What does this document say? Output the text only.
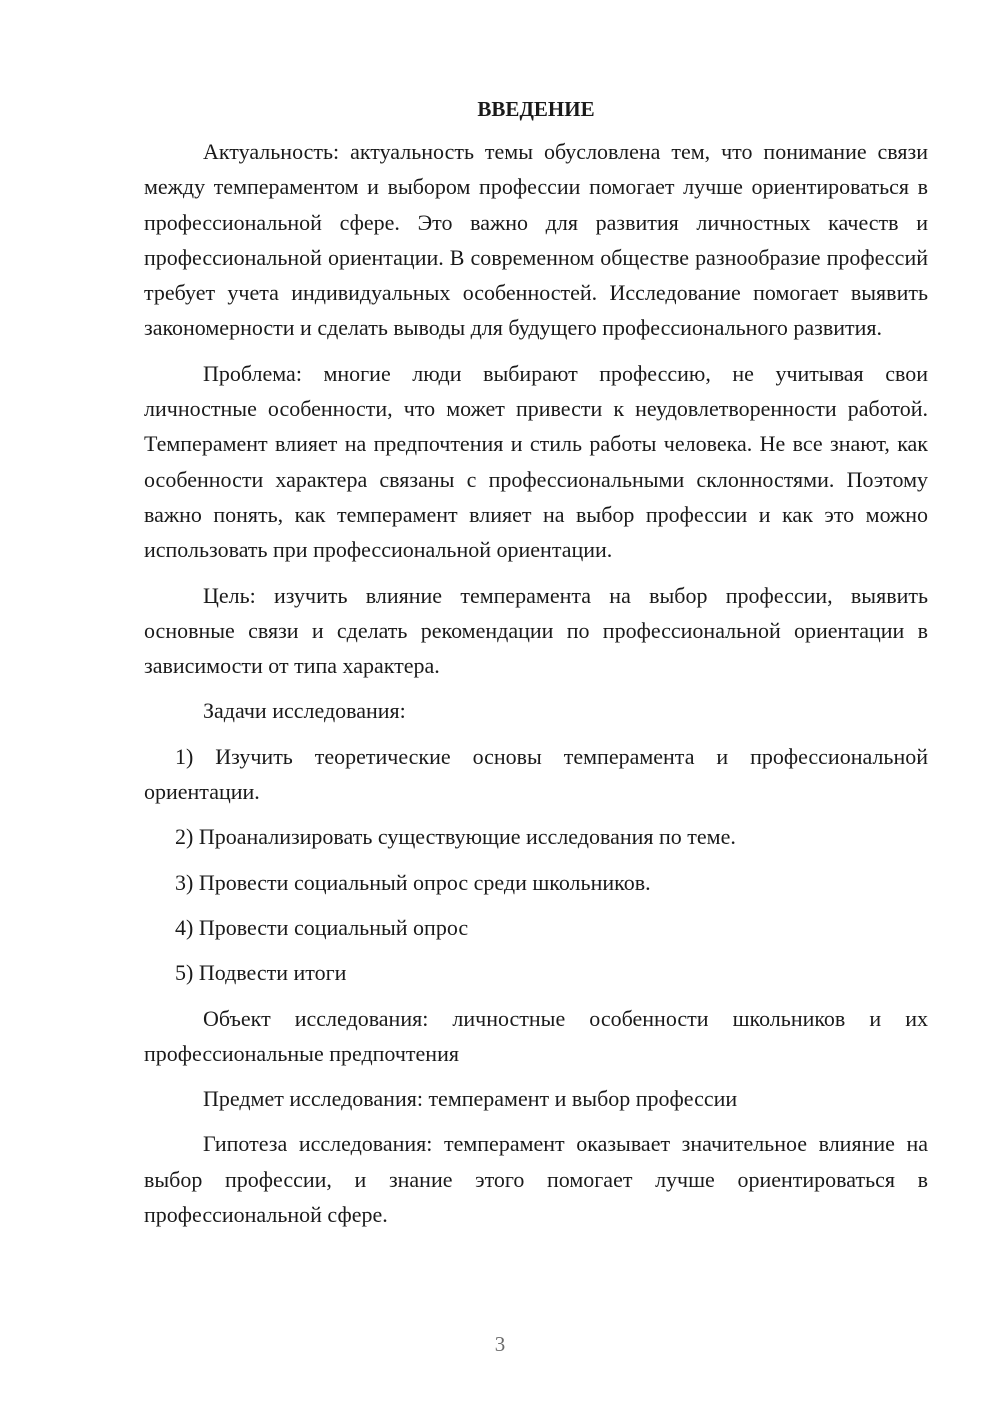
ВВЕДЕНИЕ

Актуальность: актуальность темы обусловлена тем, что понимание связи между темпераментом и выбором профессии помогает лучше ориентироваться в профессиональной сфере. Это важно для развития личностных качеств и профессиональной ориентации. В современном обществе разнообразие профессий требует учета индивидуальных особенностей. Исследование помогает выявить закономерности и сделать выводы для будущего профессионального развития.

Проблема: многие люди выбирают профессию, не учитывая свои личностные особенности, что может привести к неудовлетворенности работой. Темперамент влияет на предпочтения и стиль работы человека. Не все знают, как особенности характера связаны с профессиональными склонностями. Поэтому важно понять, как темперамент влияет на выбор профессии и как это можно использовать при профессиональной ориентации.

Цель: изучить влияние темперамента на выбор профессии, выявить основные связи и сделать рекомендации по профессиональной ориентации в зависимости от типа характера.

Задачи исследования:

1) Изучить теоретические основы темперамента и профессиональной ориентации.

2) Проанализировать существующие исследования по теме.

3) Провести социальный опрос среди школьников.

4) Провести социальный опрос

5) Подвести итоги

Объект исследования: личностные особенности школьников и их профессиональные предпочтения

Предмет исследования: темперамент и выбор профессии

Гипотеза исследования: темперамент оказывает значительное влияние на выбор профессии, и знание этого помогает лучше ориентироваться в профессиональной сфере.

3
